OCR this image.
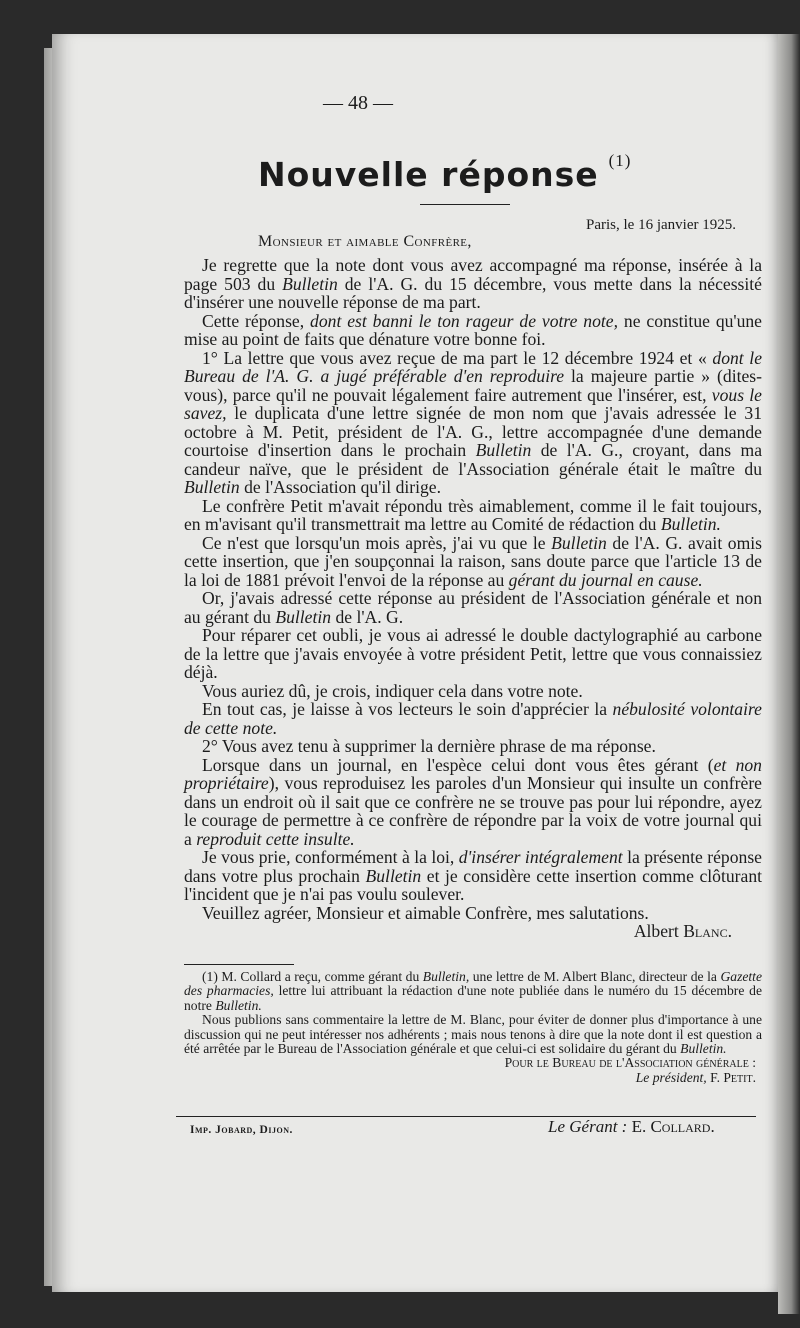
— 48 —
Nouvelle réponse $^{(1)}$
Paris, le 16 janvier 1925.
Monsieur et aimable Confrère,

Je regrette que la note dont vous avez accompagné ma réponse, insérée à la page 503 du Bulletin de l'A. G. du 15 décembre, vous mette dans la nécessité d'insérer une nouvelle réponse de ma part.

Cette réponse, dont est banni le ton rageur de votre note, ne constitue qu'une mise au point de faits que dénature votre bonne foi.

1° La lettre que vous avez reçue de ma part le 12 décembre 1924 et « dont le Bureau de l'A. G. a jugé préférable d'en reproduire la majeure partie » (dites-vous), parce qu'il ne pouvait légalement faire autrement que l'insérer, est, vous le savez, le duplicata d'une lettre signée de mon nom que j'avais adressée le 31 octobre à M. Petit, président de l'A. G., lettre accompagnée d'une demande courtoise d'insertion dans le prochain Bulletin de l'A. G., croyant, dans ma candeur naïve, que le président de l'Association générale était le maître du Bulletin de l'Association qu'il dirige.

Le confrère Petit m'avait répondu très aimablement, comme il le fait toujours, en m'avisant qu'il transmettrait ma lettre au Comité de rédaction du Bulletin.

Ce n'est que lorsqu'un mois après, j'ai vu que le Bulletin de l'A. G. avait omis cette insertion, que j'en soupçonnai la raison, sans doute parce que l'article 13 de la loi de 1881 prévoit l'envoi de la réponse au gérant du journal en cause.

Or, j'avais adressé cette réponse au président de l'Association générale et non au gérant du Bulletin de l'A. G.

Pour réparer cet oubli, je vous ai adressé le double dactylographié au carbone de la lettre que j'avais envoyée à votre président Petit, lettre que vous connaissiez déjà.

Vous auriez dû, je crois, indiquer cela dans votre note.

En tout cas, je laisse à vos lecteurs le soin d'apprécier la nébulosité volontaire de cette note.

2° Vous avez tenu à supprimer la dernière phrase de ma réponse.

Lorsque dans un journal, en l'espèce celui dont vous êtes gérant (et non propriétaire), vous reproduisez les paroles d'un Monsieur qui insulte un confrère dans un endroit où il sait que ce confrère ne se trouve pas pour lui répondre, ayez le courage de permettre à ce confrère de répondre par la voix de votre journal qui a reproduit cette insulte.

Je vous prie, conformément à la loi, d'insérer intégralement la présente réponse dans votre plus prochain Bulletin et je considère cette insertion comme clôturant l'incident que je n'ai pas voulu soulever.

Veuillez agréer, Monsieur et aimable Confrère, mes salutations.

Albert Blanc.

(1) M. Collard a reçu, comme gérant du Bulletin, une lettre de M. Albert Blanc, directeur de la Gazette des pharmacies, lettre lui attribuant la rédaction d'une note publiée dans le numéro du 15 décembre de notre Bulletin.

Nous publions sans commentaire la lettre de M. Blanc, pour éviter de donner plus d'importance à une discussion qui ne peut intéresser nos adhérents ; mais nous tenons à dire que la note dont il est question a été arrêtée par le Bureau de l'Association générale et que celui-ci est solidaire du gérant du Bulletin.

Pour le Bureau de l'Association générale :

Le président, F. Petit.

Imp. Jobard, Dijon.	Le Gérant : E. Collard.
